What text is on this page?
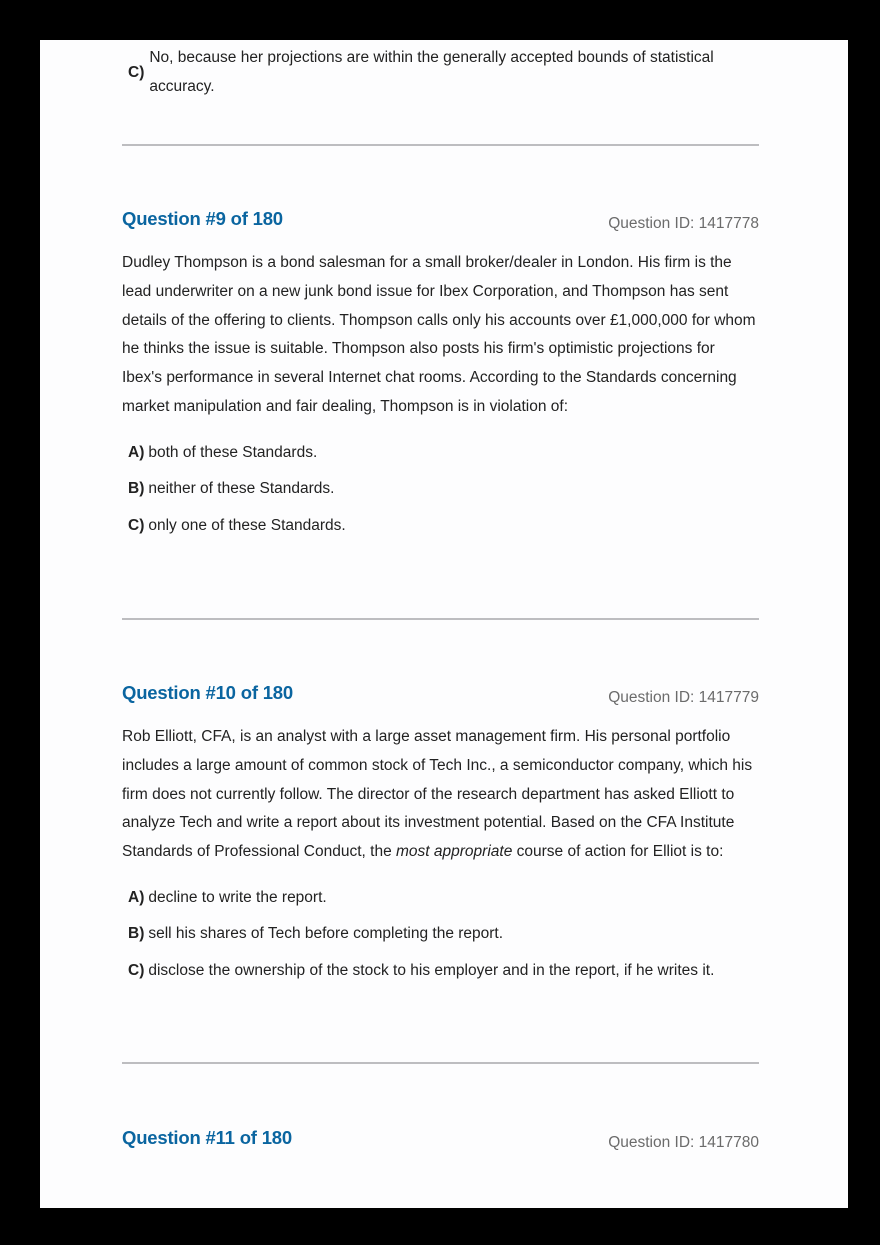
C)
No, because her projections are within the generally accepted bounds of statistical accuracy.
Question #9 of 180	Question ID: 1417778

Dudley Thompson is a bond salesman for a small broker/dealer in London. His firm is the lead underwriter on a new junk bond issue for Ibex Corporation, and Thompson has sent details of the offering to clients. Thompson calls only his accounts over £1,000,000 for whom he thinks the issue is suitable. Thompson also posts his firm's optimistic projections for Ibex's performance in several Internet chat rooms. According to the Standards concerning market manipulation and fair dealing, Thompson is in violation of:

A) both of these Standards.
B) neither of these Standards.
C) only one of these Standards.
Question #10 of 180	Question ID: 1417779

Rob Elliott, CFA, is an analyst with a large asset management firm. His personal portfolio includes a large amount of common stock of Tech Inc., a semiconductor company, which his firm does not currently follow. The director of the research department has asked Elliott to analyze Tech and write a report about its investment potential. Based on the CFA Institute Standards of Professional Conduct, the most appropriate course of action for Elliot is to:

A) decline to write the report.
B) sell his shares of Tech before completing the report.
C) disclose the ownership of the stock to his employer and in the report, if he writes it.
Question #11 of 180	Question ID: 1417780
